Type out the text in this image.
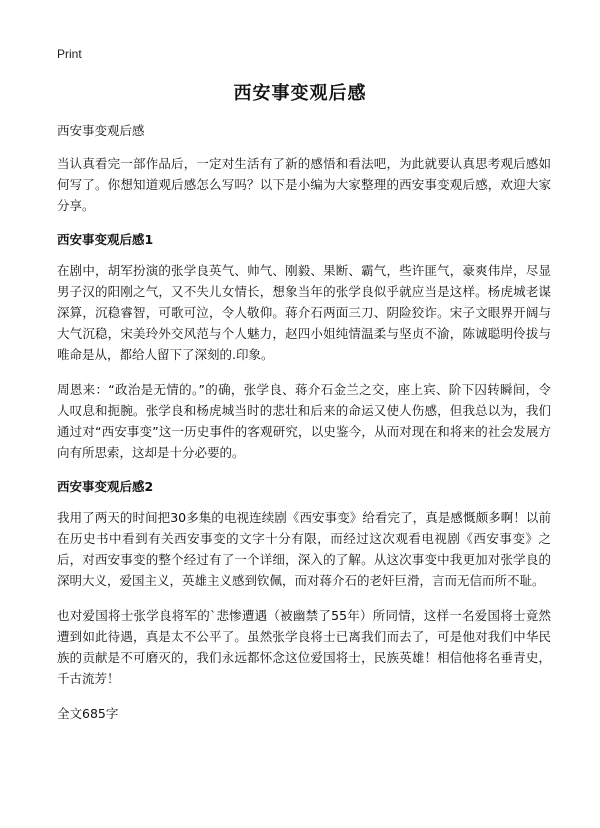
Print
西安事变观后感

西安事变观后感

当认真看完一部作品后，一定对生活有了新的感悟和看法吧，为此就要认真思考观后感如何写了。你想知道观后感怎么写吗？以下是小编为大家整理的西安事变观后感，欢迎大家分享。

西安事变观后感1

在剧中，胡军扮演的张学良英气、帅气、刚毅、果断、霸气，些许匪气，豪爽伟岸，尽显男子汉的阳刚之气，又不失儿女情长，想象当年的张学良似乎就应当是这样。杨虎城老谋深算，沉稳睿智，可歌可泣，令人敬仰。蒋介石两面三刀、阴险狡诈。宋子文眼界开阔与大气沉稳，宋美玲外交风范与个人魅力，赵四小姐纯情温柔与坚贞不渝，陈诚聪明伶拔与唯命是从，都给人留下了深刻的.印象。

周恩来：“政治是无情的。”的确，张学良、蒋介石金兰之交，座上宾、阶下囚转瞬间，令人叹息和扼腕。张学良和杨虎城当时的悲壮和后来的命运又使人伤感，但我总以为，我们通过对“西安事变”这一历史事件的客观研究，以史鉴今，从而对现在和将来的社会发展方向有所思索，这却是十分必要的。

西安事变观后感2

我用了两天的时间把30多集的电视连续剧《西安事变》给看完了，真是感慨颇多啊！以前在历史书中看到有关西安事变的文字十分有限，而经过这次观看电视剧《西安事变》之后，对西安事变的整个经过有了一个详细，深入的了解。从这次事变中我更加对张学良的深明大义，爱国主义，英雄主义感到钦佩，而对蒋介石的老奸巨滑，言而无信而所不耻。

也对爱国将士张学良将军的`悲惨遭遇（被幽禁了55年）所同情，这样一名爱国将士竟然遭到如此待遇，真是太不公平了。虽然张学良将士已离我们而去了，可是他对我们中华民族的贡献是不可磨灭的，我们永远都怀念这位爱国将士，民族英雄！相信他将名垂青史，千古流芳！

全文685字
